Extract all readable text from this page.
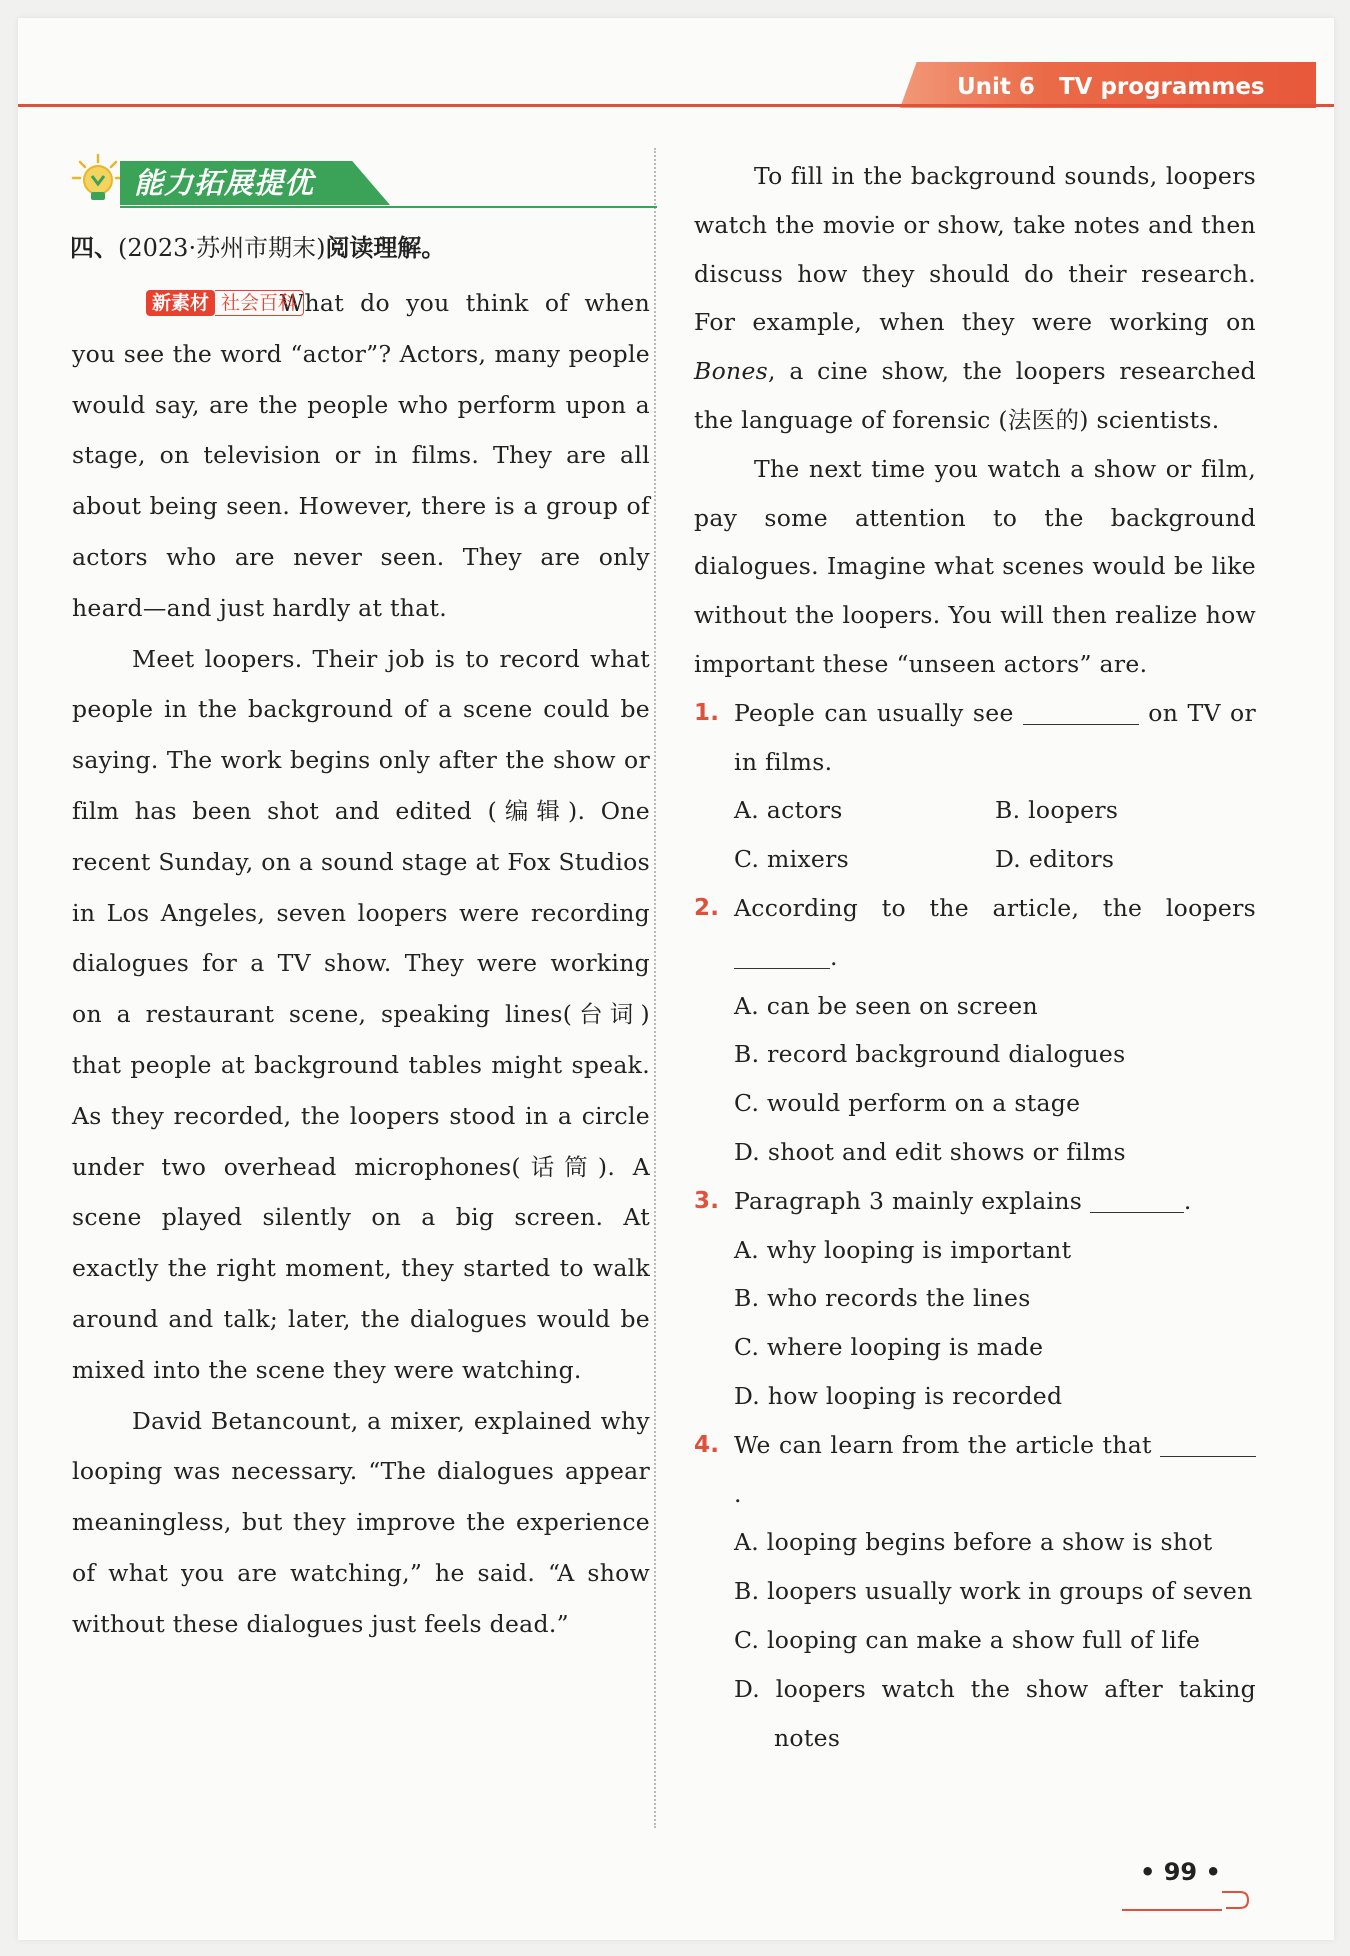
Unit 6 TV programmes
能力拓展提优
四、(2023·苏州市期末)阅读理解。

What do you think of when you see the word “actor”? Actors, many people would say, are the people who perform upon a stage, on television or in films. They are all about being seen. However, there is a group of actors who are never seen. They are only heard—and just hardly at that.

Meet loopers. Their job is to record what people in the background of a scene could be saying. The work begins only after the show or film has been shot and edited (编辑). One recent Sunday, on a sound stage at Fox Studios in Los Angeles, seven loopers were recording dialogues for a TV show. They were working on a restaurant scene, speaking lines(台词) that people at background tables might speak. As they recorded, the loopers stood in a circle under two overhead microphones(话筒). A scene played silently on a big screen. At exactly the right moment, they started to walk around and talk; later, the dialogues would be mixed into the scene they were watching.

David Betancount, a mixer, explained why looping was necessary. “The dialogues appear meaningless, but they improve the experience of what you are watching,” he said. “A show without these dialogues just feels dead.”

新素材 社会百科

To fill in the background sounds, loopers watch the movie or show, take notes and then discuss how they should do their research. For example, when they were working on Bones, a cine show, the loopers researched the language of forensic (法医的) scientists.

The next time you watch a show or film, pay some attention to the background dialogues. Imagine what scenes would be like without the loopers. You will then realize how important these “unseen actors” are.

1. People can usually see	on TV or in films.
A. actors	B. loopers
C. mixers	D. editors
2. According to the article, the loopers .
A. can be seen on screen
B. record background dialogues
C. would perform on a stage
D. shoot and edit shows or films
3. Paragraph 3 mainly explains	.
A. why looping is important
B. who records the lines
C. where looping is made
D. how looping is recorded
4. We can learn from the article that .
A. looping begins before a show is shot
B. loopers usually work in groups of seven
C. looping can make a show full of life
D. loopers watch the show after taking notes
• 99 •
